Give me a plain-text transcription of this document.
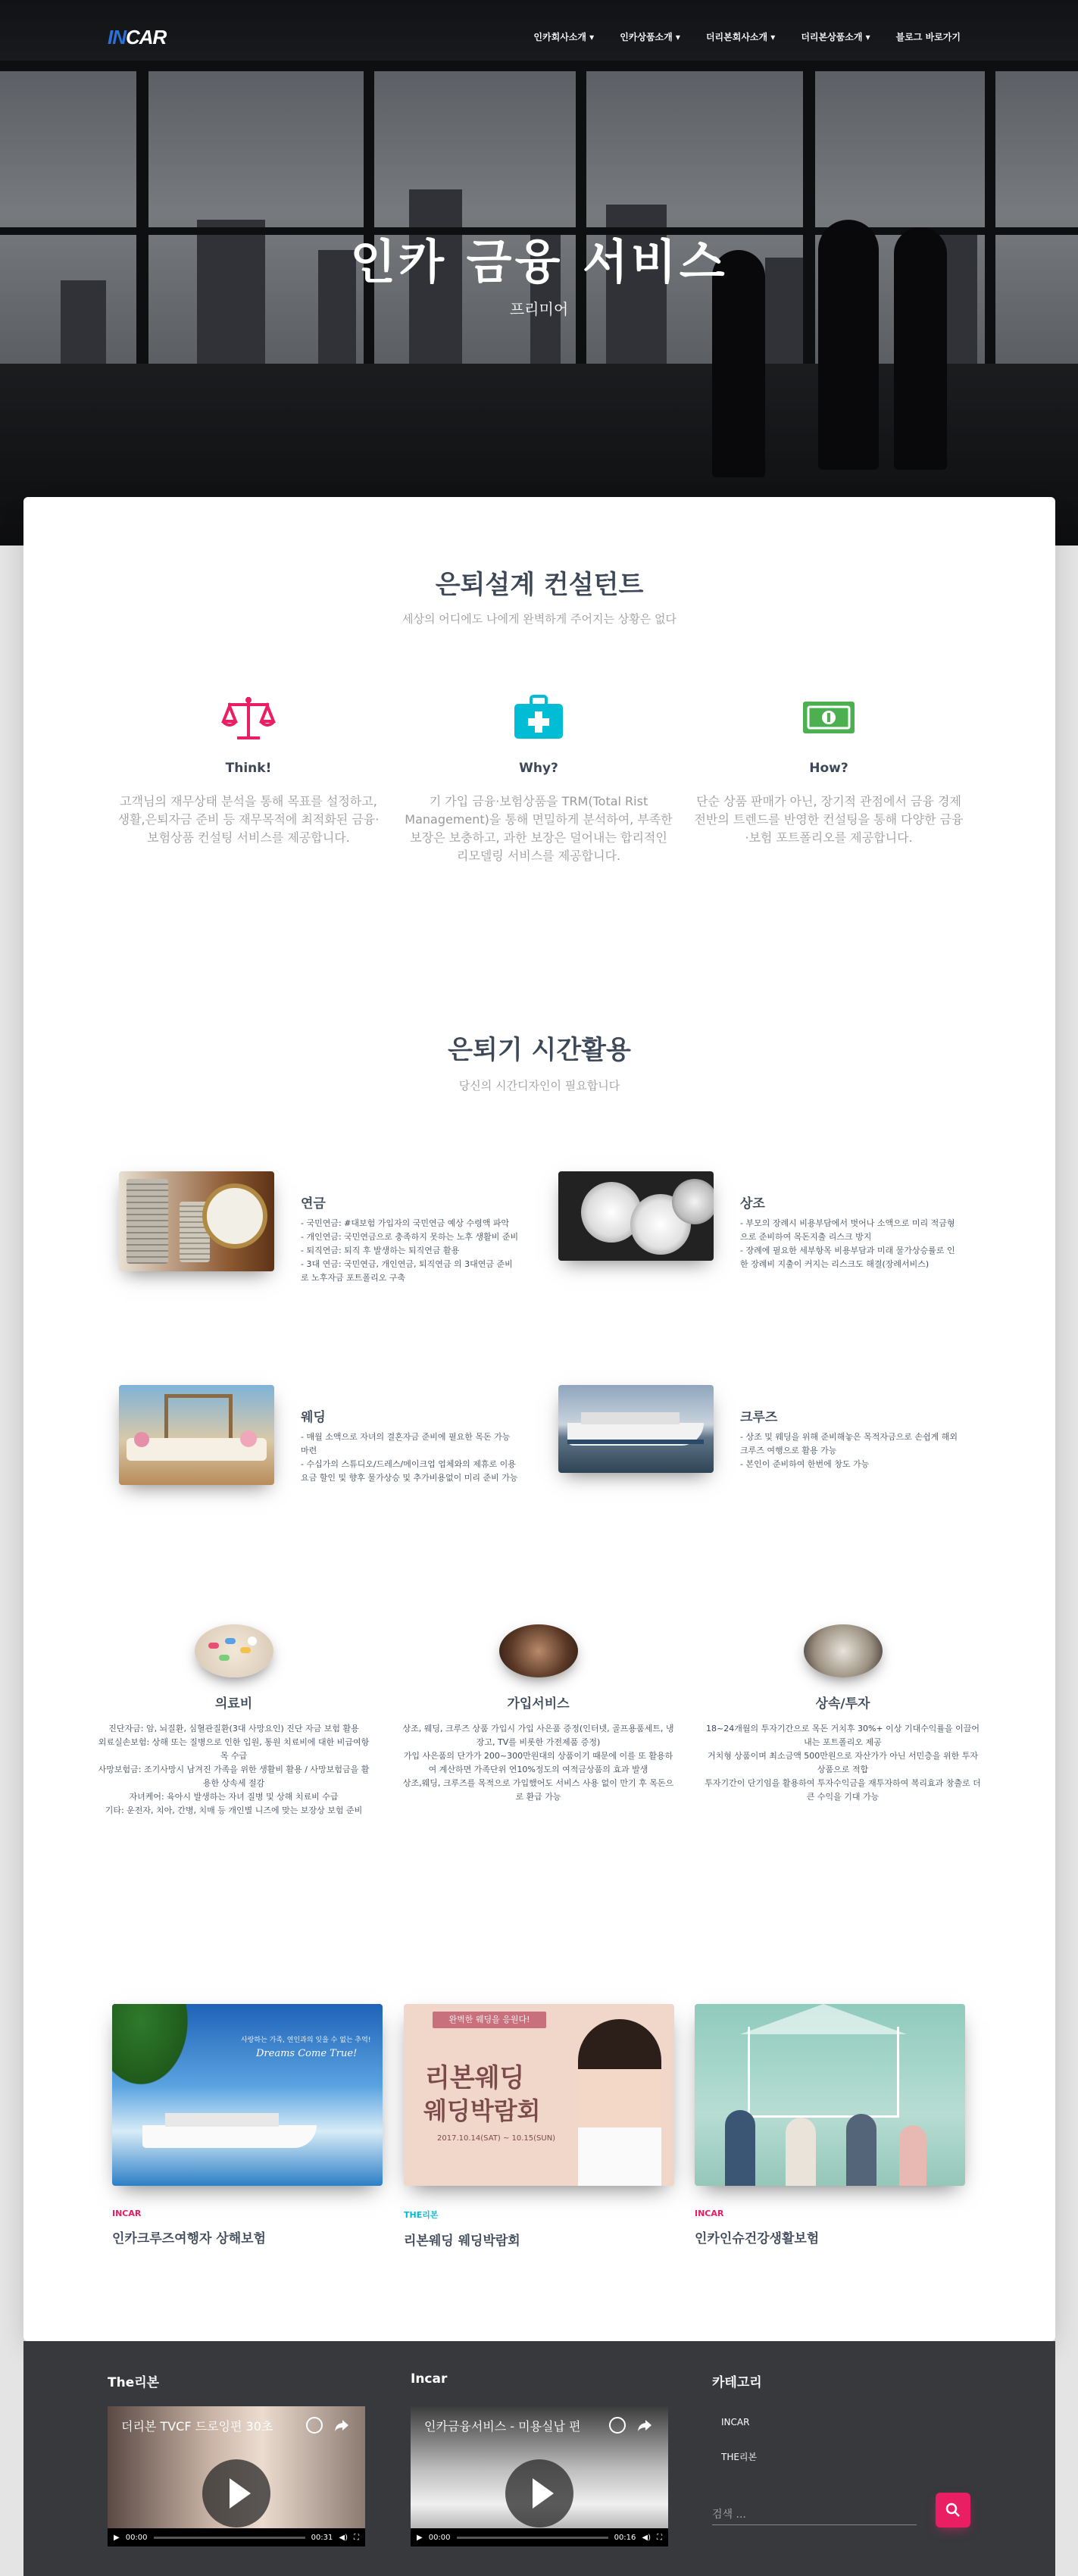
INCAR	인카회사소개 ▾	인카상품소개 ▾	더리본회사소개 ▾	더리본상품소개 ▾	블로그 바로가기
인카 금융 서비스
프리미어
은퇴설계 컨설턴트
세상의 어디에도 나에게 완벽하게 주어지는 상황은 없다
Think!

고객님의 재무상태 분석을 통해 목표를 설정하고, 생활,은퇴자금 준비 등 재무목적에 최적화된 금융·보험상품 컨설팅 서비스를 제공합니다.

Why?

기 가입 금융·보험상품을 TRM(Total Rist Management)을 통해 면밀하게 분석하여, 부족한 보장은 보충하고, 과한 보장은 덜어내는 합리적인 리모델링 서비스를 제공합니다.

How?

단순 상품 판매가 아닌, 장기적 관점에서 금융 경제 전반의 트렌드를 반영한 컨설팅을 통해 다양한 금융·보험 포트폴리오를 제공합니다.

은퇴기 시간활용
당신의 시간디자인이 필요합니다
연금

- 국민연금: #대보험 가입자의 국민연금 예상 수령액 파악
- 개인연금: 국민연금으로 충족하지 못하는 노후 생활비 준비
- 퇴직연금: 퇴직 후 발생하는 퇴직연금 활용
- 3대 연금: 국민연금, 개인연금, 퇴직연금 의 3대연금 준비로 노후자금 포트폴리오 구축

상조

- 부모의 장례시 비용부담에서 벗어나 소액으로 미리 적금형으로 준비하여 목돈지출 리스크 방지
- 장례에 필요한 세부항목 비용부담과 미래 물가상승률로 인한 장례비 지출이 커지는 리스크도 해결(장례서비스)

웨딩

- 매월 소액으로 자녀의 결혼자금 준비에 필요한 목돈 가능 마련
- 수십가의 스튜디오/드레스/메이크업 업체와의 제휴로 이용요금 할인 및 향후 물가상승 및 추가비용없이 미리 준비 가능

크루즈

- 상조 및 웨딩을 위해 준비해놓은 목적자금으로 손쉽게 해외 크루즈 여행으로 활용 가능
- 본인이 준비하여 한번에 창도 가능

의료비

진단자금: 암, 뇌질환, 심혈관질환(3대 사망요인) 진단 자금 보험 활용
외료실손보험: 상해 또는 질병으로 인한 입원, 통원 치료비에 대한 비급여항목 수급
사망보험금: 조기사망시 남겨진 가족을 위한 생활비 활용 / 사망보험금을 활용한 상속세 절감
자녀케어: 육아시 발생하는 자녀 질병 및 상해 치료비 수급
기타: 운전자, 치아, 간병, 치매 등 개인별 니즈에 맞는 보장상 보험 준비

가입서비스

상조, 웨딩, 크루즈 상품 가입시 가입 사은품 증정(인터넷, 골프용품세트, 냉장고, TV를 비롯한 가전제품 증정)
가입 사은품의 단가가 200~300만원대의 상품이기 때문에 이를 또 활용하여 계산하면 가족단위 연10%정도의 여적금상품의 효과 발생
상조,웨딩, 크루즈를 목적으로 가입했어도 서비스 사용 없이 만기 후 목돈으로 환급 가능

상속/투자

18~24개월의 투자기간으로 목돈 거치후 30%+ 이상 기대수익률을 이끌어내는 포트폴리오 제공
거치형 상품이며 최소금액 500만원으로 자산가가 아닌 서민층을 위한 투자상품으로 적합
투자기간이 단기임을 활용하여 투자수익금을 재투자하여 복리효과 창출로 더 큰 수익을 기대 가능

사랑하는 가족, 연인과의 잊을 수 없는 추억!
Dreams Come True!
INCAR
인카크루즈여행자 상해보험
완벽한 웨딩을 응원다!
리본웨딩
웨딩박람회
2017.10.14(SAT) ~ 10.15(SUN)
THE리본
리본웨딩 웨딩박람회
INCAR
인카인슈건강생활보험
The리본	Incar	카테고리
더리본 TVCF 드로잉편 30초
▶ 00:00	00:31 ◀) ⛶
인카금융서비스 - 미용실납 편
▶ 00:00	00:16 ◀) ⛶
INCAR
THE리본
검색 ...
